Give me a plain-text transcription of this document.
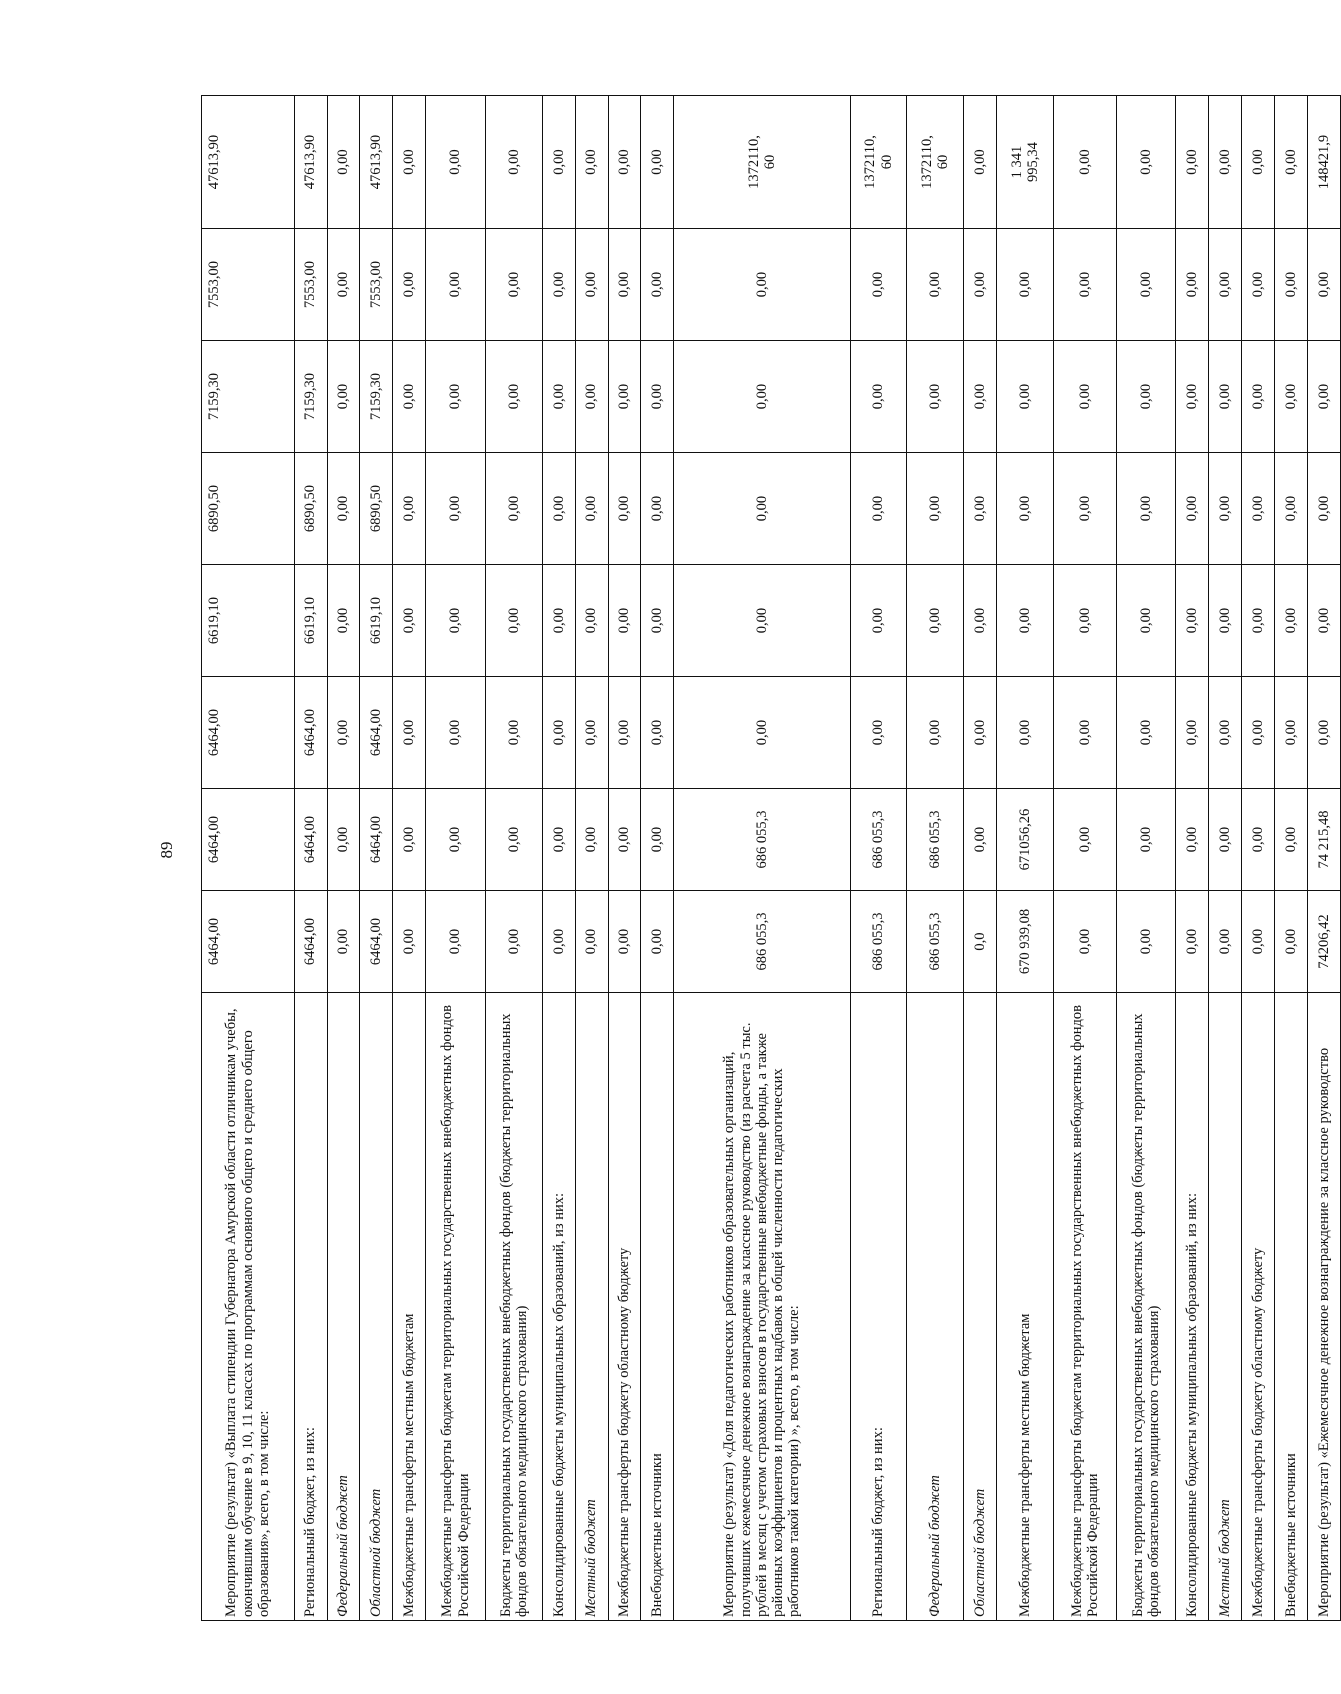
89
Мероприятие (результат) «Выплата стипендии Губернатора Амурской области отличникам учебы, окончившим обучение в 9, 10, 11 классах по программам основного общего и среднего общего образования», всего, в том числе:	6464,00	6464,00	6464,00	6619,10	6890,50	7159,30	7553,00	47613,90
Региональный бюджет, из них:	6464,00	6464,00	6464,00	6619,10	6890,50	7159,30	7553,00	47613,90
Федеральный бюджет	0,00	0,00	0,00	0,00	0,00	0,00	0,00	0,00
Областной бюджет	6464,00	6464,00	6464,00	6619,10	6890,50	7159,30	7553,00	47613,90
Межбюджетные трансферты местным бюджетам	0,00	0,00	0,00	0,00	0,00	0,00	0,00	0,00
Межбюджетные трансферты бюджетам территориальных государственных внебюджетных фондов Российской Федерации	0,00	0,00	0,00	0,00	0,00	0,00	0,00	0,00
Бюджеты территориальных государственных внебюджетных фондов (бюджеты территориальных фондов обязательного медицинского страхования)	0,00	0,00	0,00	0,00	0,00	0,00	0,00	0,00
Консолидированные бюджеты муниципальных образований, из них:	0,00	0,00	0,00	0,00	0,00	0,00	0,00	0,00
Местный бюджет	0,00	0,00	0,00	0,00	0,00	0,00	0,00	0,00
Межбюджетные трансферты бюджету областному бюджету	0,00	0,00	0,00	0,00	0,00	0,00	0,00	0,00
Внебюджетные источники	0,00	0,00	0,00	0,00	0,00	0,00	0,00	0,00
Мероприятие (результат) «Доля педагогических работников образовательных организаций, получивших ежемесячное денежное вознаграждение за классное руководство (из расчета 5 тыс. рублей в месяц с учетом страховых взносов в государственные внебюджетные фонды, а также районных коэффициентов и процентных надбавок в общей численности педагогических работников такой категории) », всего, в том числе:	686 055,3	686 055,3	0,00	0,00	0,00	0,00	0,00	1372110,
60
Региональный бюджет, из них:	686 055,3	686 055,3	0,00	0,00	0,00	0,00	0,00	1372110,
60
Федеральный бюджет	686 055,3	686 055,3	0,00	0,00	0,00	0,00	0,00	1372110,
60
Областной бюджет	0,0	0,00	0,00	0,00	0,00	0,00	0,00	0,00
Межбюджетные трансферты местным бюджетам	670 939,08	671056,26	0,00	0,00	0,00	0,00	0,00	1 341
995,34
Межбюджетные трансферты бюджетам территориальных государственных внебюджетных фондов Российской Федерации	0,00	0,00	0,00	0,00	0,00	0,00	0,00	0,00
Бюджеты территориальных государственных внебюджетных фондов (бюджеты территориальных фондов обязательного медицинского страхования)	0,00	0,00	0,00	0,00	0,00	0,00	0,00	0,00
Консолидированные бюджеты муниципальных образований, из них:	0,00	0,00	0,00	0,00	0,00	0,00	0,00	0,00
Местный бюджет	0,00	0,00	0,00	0,00	0,00	0,00	0,00	0,00
Межбюджетные трансферты бюджету областному бюджету	0,00	0,00	0,00	0,00	0,00	0,00	0,00	0,00
Внебюджетные источники	0,00	0,00	0,00	0,00	0,00	0,00	0,00	0,00
Мероприятие (результат) «Ежемесячное денежное вознаграждение за классное руководство	74206,42	74 215,48	0,00	0,00	0,00	0,00	0,00	148421,9
